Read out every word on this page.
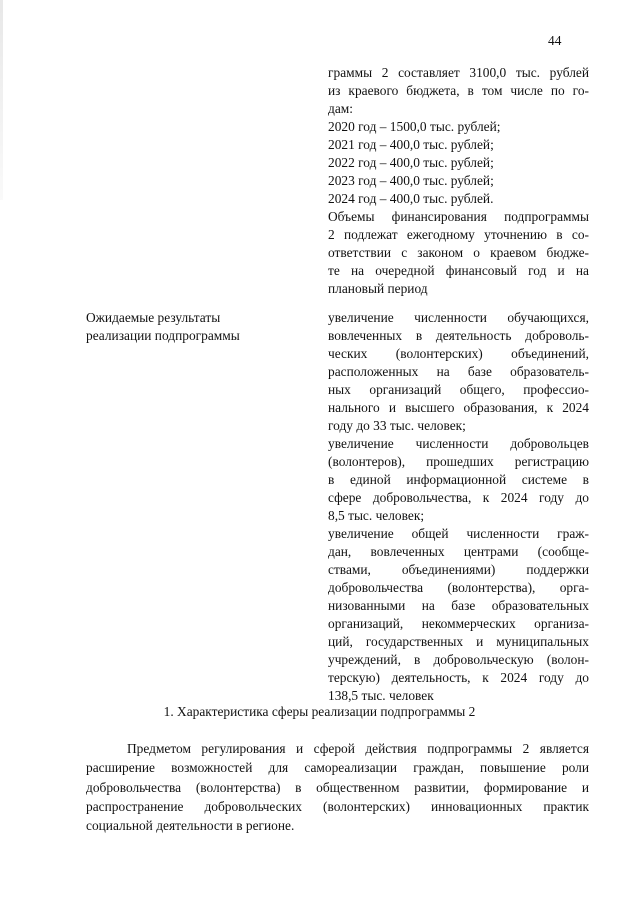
44
граммы 2 составляет 3100,0 тыс. рублей
из краевого бюджета, в том числе по го-
дам:
2020 год – 1500,0 тыс. рублей;
2021 год – 400,0 тыс. рублей;
2022 год – 400,0 тыс. рублей;
2023 год – 400,0 тыс. рублей;
2024 год – 400,0 тыс. рублей.
Объемы финансирования подпрограммы
2 подлежат ежегодному уточнению в со-
ответствии с законом о краевом бюдже-
те на очередной финансовый год и на
плановый период
Ожидаемые результаты
реализации подпрограммы
увеличение численности обучающихся,
вовлеченных в деятельность доброволь-
ческих (волонтерских) объединений,
расположенных на базе образователь-
ных организаций общего, профессио-
нального и высшего образования, к 2024
году до 33 тыс. человек;
увеличение численности добровольцев
(волонтеров), прошедших регистрацию
в единой информационной системе в
сфере добровольчества, к 2024 году до
8,5 тыс. человек;
увеличение общей численности граж-
дан, вовлеченных центрами (сообще-
ствами, объединениями) поддержки
добровольчества (волонтерства), орга-
низованными на базе образовательных
организаций, некоммерческих организа-
ций, государственных и муниципальных
учреждений, в добровольческую (волон-
терскую) деятельность, к 2024 году до
138,5 тыс. человек
1. Характеристика сферы реализации подпрограммы 2
Предметом регулирования и сферой действия подпрограммы 2 является
расширение возможностей для самореализации граждан, повышение роли
добровольчества (волонтерства) в общественном развитии, формирование и
распространение добровольческих (волонтерских) инновационных практик
социальной деятельности в регионе.
